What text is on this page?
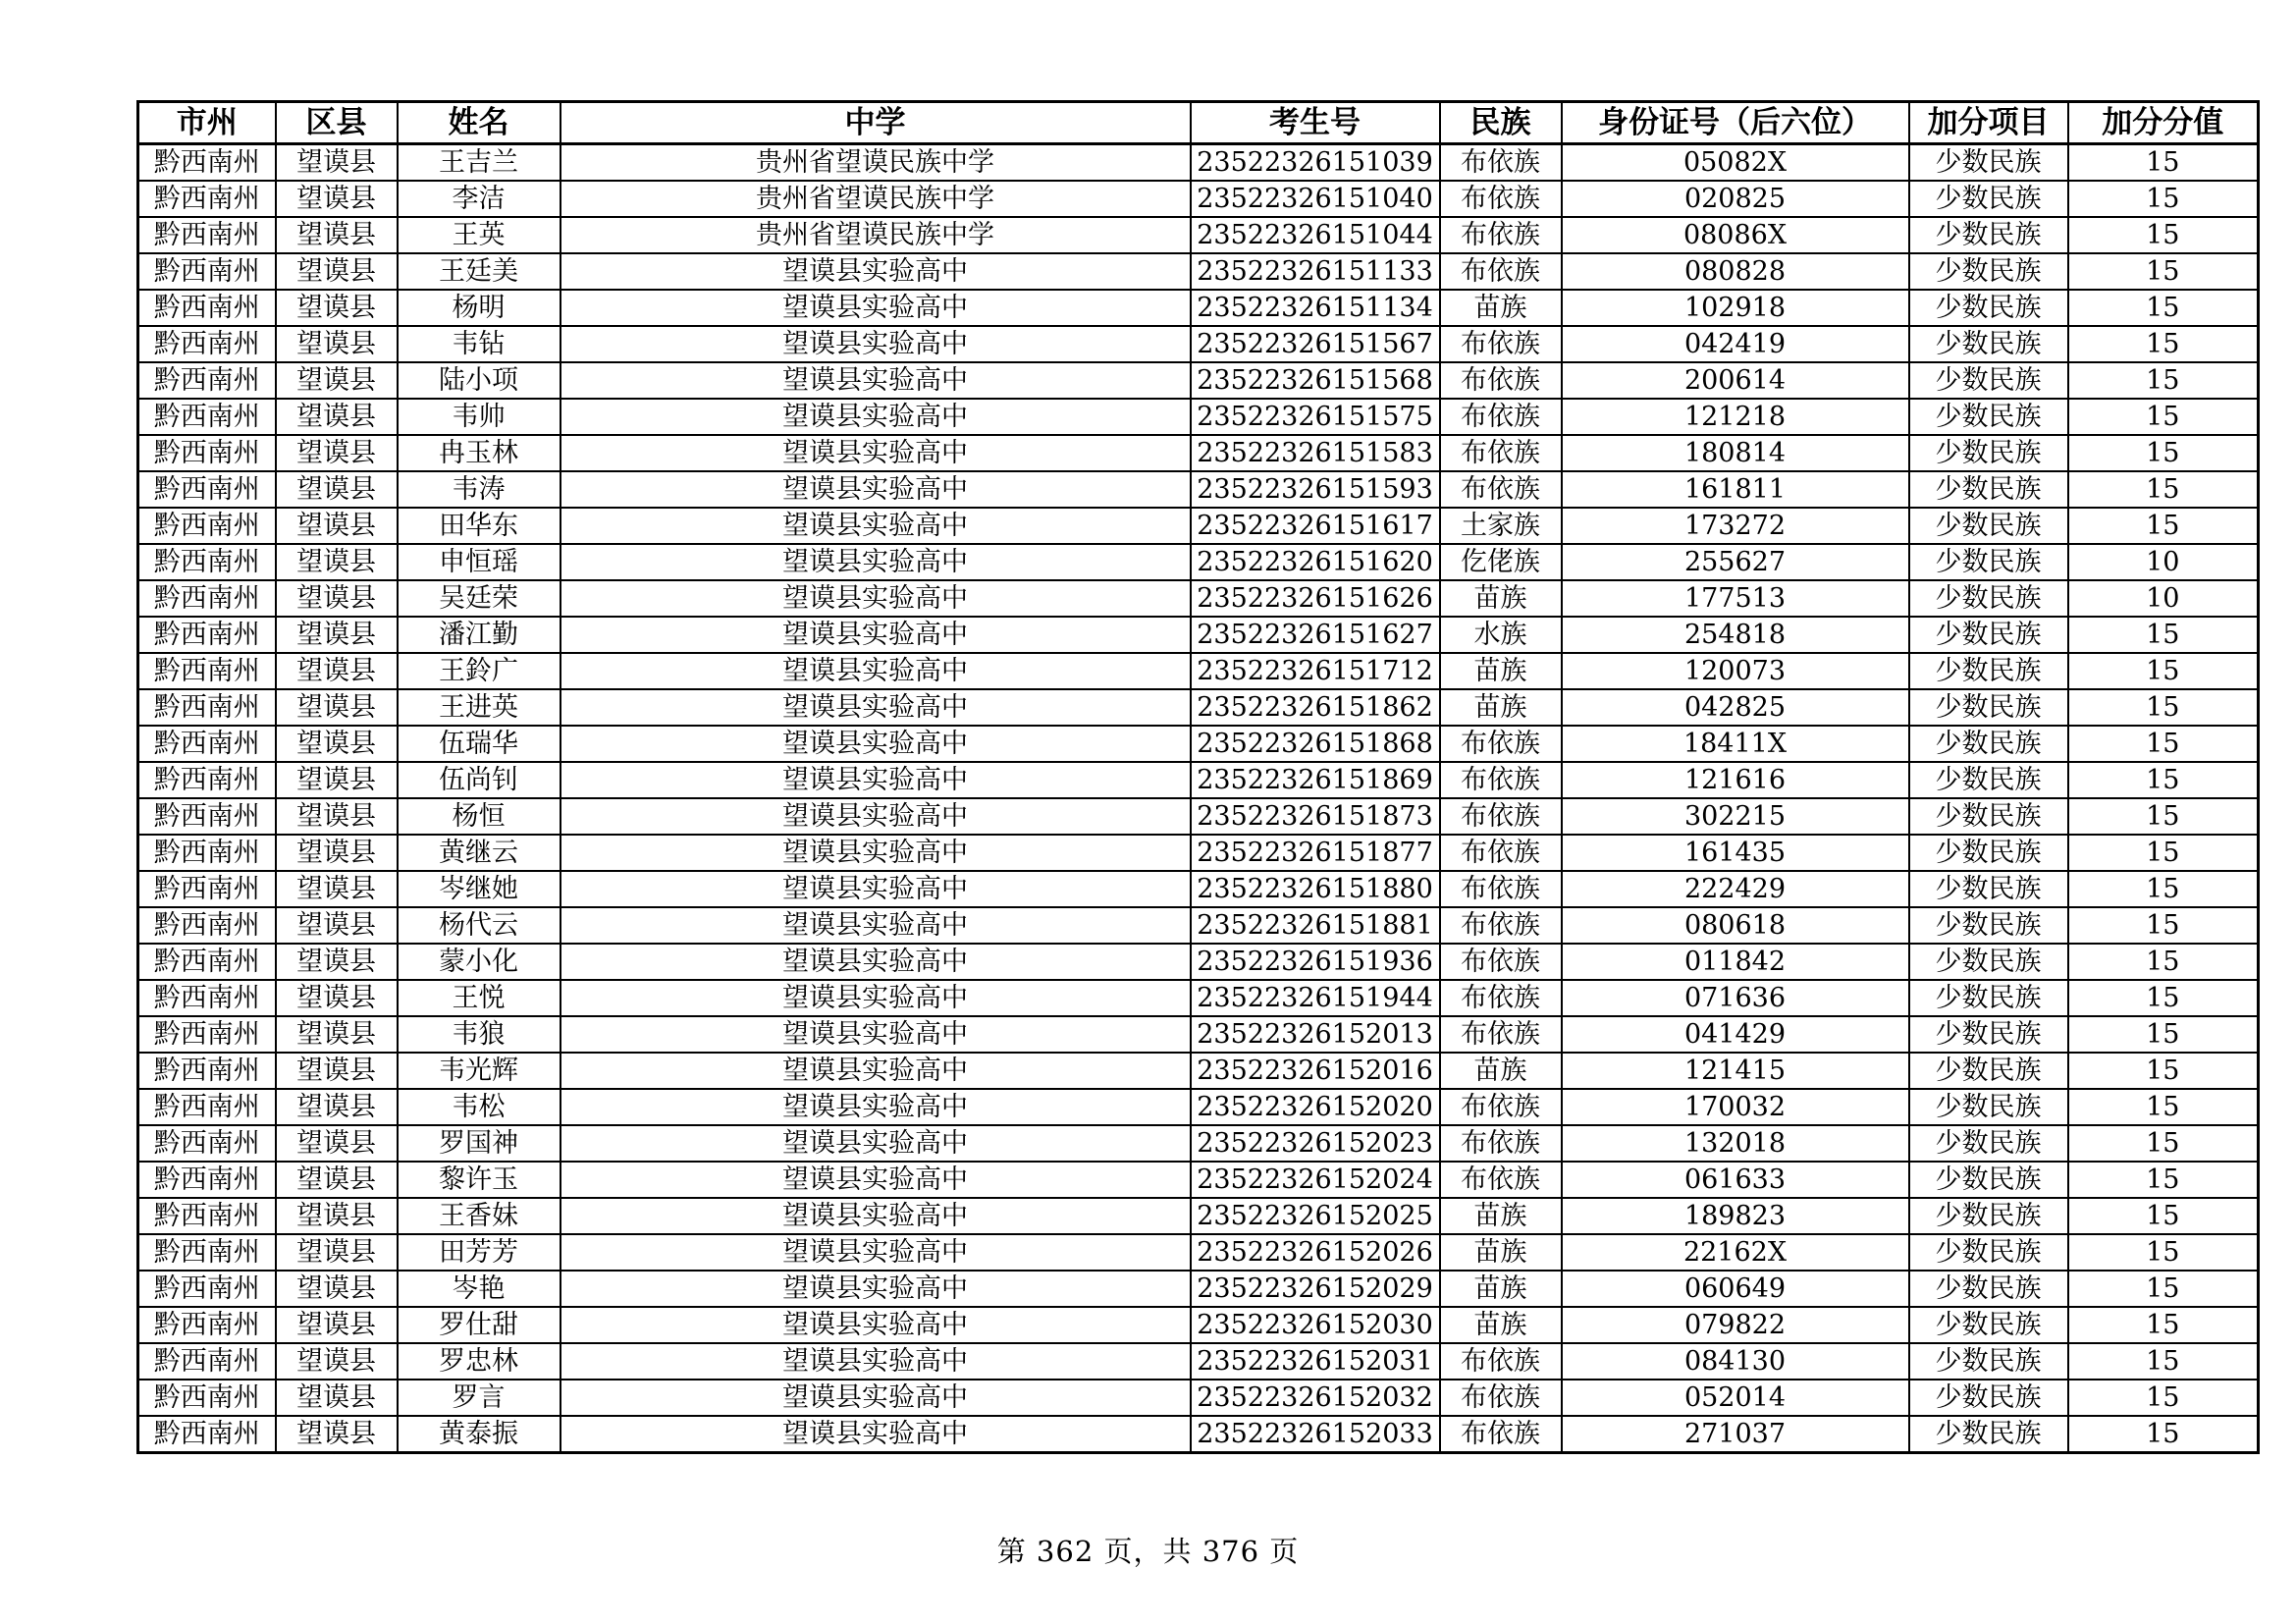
市州	区县	姓名	中学	考生号	民族	身份证号（后六位）	加分项目	加分分值
黔西南州	望谟县	王吉兰	贵州省望谟民族中学	23522326151039	布依族	05082X	少数民族	15
黔西南州	望谟县	李洁	贵州省望谟民族中学	23522326151040	布依族	020825	少数民族	15
黔西南州	望谟县	王英	贵州省望谟民族中学	23522326151044	布依族	08086X	少数民族	15
黔西南州	望谟县	王廷美	望谟县实验高中	23522326151133	布依族	080828	少数民族	15
黔西南州	望谟县	杨明	望谟县实验高中	23522326151134	苗族	102918	少数民族	15
黔西南州	望谟县	韦钻	望谟县实验高中	23522326151567	布依族	042419	少数民族	15
黔西南州	望谟县	陆小项	望谟县实验高中	23522326151568	布依族	200614	少数民族	15
黔西南州	望谟县	韦帅	望谟县实验高中	23522326151575	布依族	121218	少数民族	15
黔西南州	望谟县	冉玉林	望谟县实验高中	23522326151583	布依族	180814	少数民族	15
黔西南州	望谟县	韦涛	望谟县实验高中	23522326151593	布依族	161811	少数民族	15
黔西南州	望谟县	田华东	望谟县实验高中	23522326151617	土家族	173272	少数民族	15
黔西南州	望谟县	申恒瑶	望谟县实验高中	23522326151620	仡佬族	255627	少数民族	10
黔西南州	望谟县	吴廷荣	望谟县实验高中	23522326151626	苗族	177513	少数民族	10
黔西南州	望谟县	潘江勤	望谟县实验高中	23522326151627	水族	254818	少数民族	15
黔西南州	望谟县	王鈴广	望谟县实验高中	23522326151712	苗族	120073	少数民族	15
黔西南州	望谟县	王进英	望谟县实验高中	23522326151862	苗族	042825	少数民族	15
黔西南州	望谟县	伍瑞华	望谟县实验高中	23522326151868	布依族	18411X	少数民族	15
黔西南州	望谟县	伍尚钊	望谟县实验高中	23522326151869	布依族	121616	少数民族	15
黔西南州	望谟县	杨恒	望谟县实验高中	23522326151873	布依族	302215	少数民族	15
黔西南州	望谟县	黄继云	望谟县实验高中	23522326151877	布依族	161435	少数民族	15
黔西南州	望谟县	岑继她	望谟县实验高中	23522326151880	布依族	222429	少数民族	15
黔西南州	望谟县	杨代云	望谟县实验高中	23522326151881	布依族	080618	少数民族	15
黔西南州	望谟县	蒙小化	望谟县实验高中	23522326151936	布依族	011842	少数民族	15
黔西南州	望谟县	王悦	望谟县实验高中	23522326151944	布依族	071636	少数民族	15
黔西南州	望谟县	韦狼	望谟县实验高中	23522326152013	布依族	041429	少数民族	15
黔西南州	望谟县	韦光辉	望谟县实验高中	23522326152016	苗族	121415	少数民族	15
黔西南州	望谟县	韦松	望谟县实验高中	23522326152020	布依族	170032	少数民族	15
黔西南州	望谟县	罗国神	望谟县实验高中	23522326152023	布依族	132018	少数民族	15
黔西南州	望谟县	黎许玉	望谟县实验高中	23522326152024	布依族	061633	少数民族	15
黔西南州	望谟县	王香妹	望谟县实验高中	23522326152025	苗族	189823	少数民族	15
黔西南州	望谟县	田芳芳	望谟县实验高中	23522326152026	苗族	22162X	少数民族	15
黔西南州	望谟县	岑艳	望谟县实验高中	23522326152029	苗族	060649	少数民族	15
黔西南州	望谟县	罗仕甜	望谟县实验高中	23522326152030	苗族	079822	少数民族	15
黔西南州	望谟县	罗忠林	望谟县实验高中	23522326152031	布依族	084130	少数民族	15
黔西南州	望谟县	罗言	望谟县实验高中	23522326152032	布依族	052014	少数民族	15
黔西南州	望谟县	黄泰振	望谟县实验高中	23522326152033	布依族	271037	少数民族	15
第 362 页，共 376 页
